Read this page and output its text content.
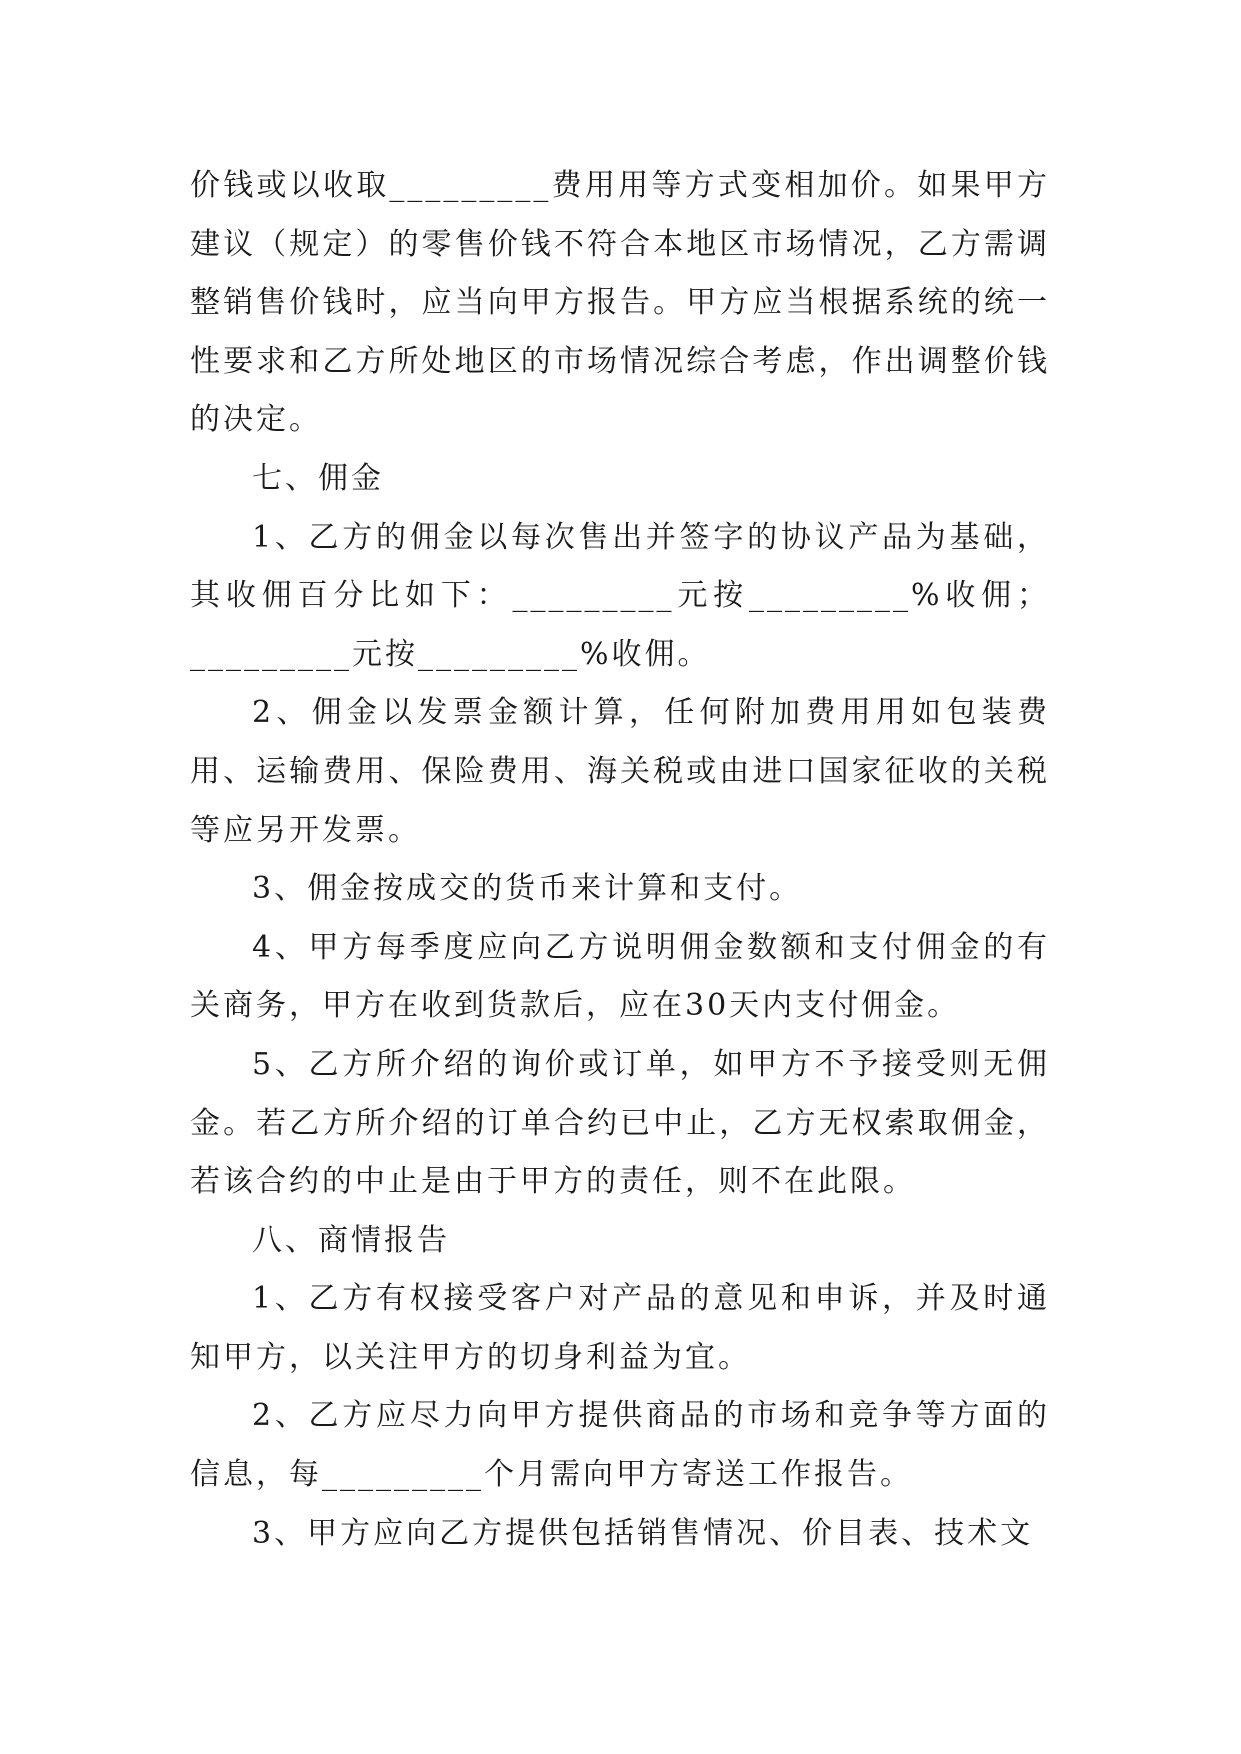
价钱或以收取_________费用用等方式变相加价。如果甲方建议（规定）的零售价钱不符合本地区市场情况，乙方需调整销售价钱时，应当向甲方报告。甲方应当根据系统的统一性要求和乙方所处地区的市场情况综合考虑，作出调整价钱的决定。

七、佣金

1、乙方的佣金以每次售出并签字的协议产品为基础，其收佣百分比如下：_________元按_________%收佣；_________元按_________%收佣。

2、佣金以发票金额计算，任何附加费用用如包装费用、运输费用、保险费用、海关税或由进口国家征收的关税等应另开发票。

3、佣金按成交的货币来计算和支付。

4、甲方每季度应向乙方说明佣金数额和支付佣金的有关商务，甲方在收到货款后，应在30天内支付佣金。

5、乙方所介绍的询价或订单，如甲方不予接受则无佣金。若乙方所介绍的订单合约已中止，乙方无权索取佣金，若该合约的中止是由于甲方的责任，则不在此限。

八、商情报告

1、乙方有权接受客户对产品的意见和申诉，并及时通知甲方，以关注甲方的切身利益为宜。

2、乙方应尽力向甲方提供商品的市场和竞争等方面的信息，每_________个月需向甲方寄送工作报告。

3、甲方应向乙方提供包括销售情况、价目表、技术文
